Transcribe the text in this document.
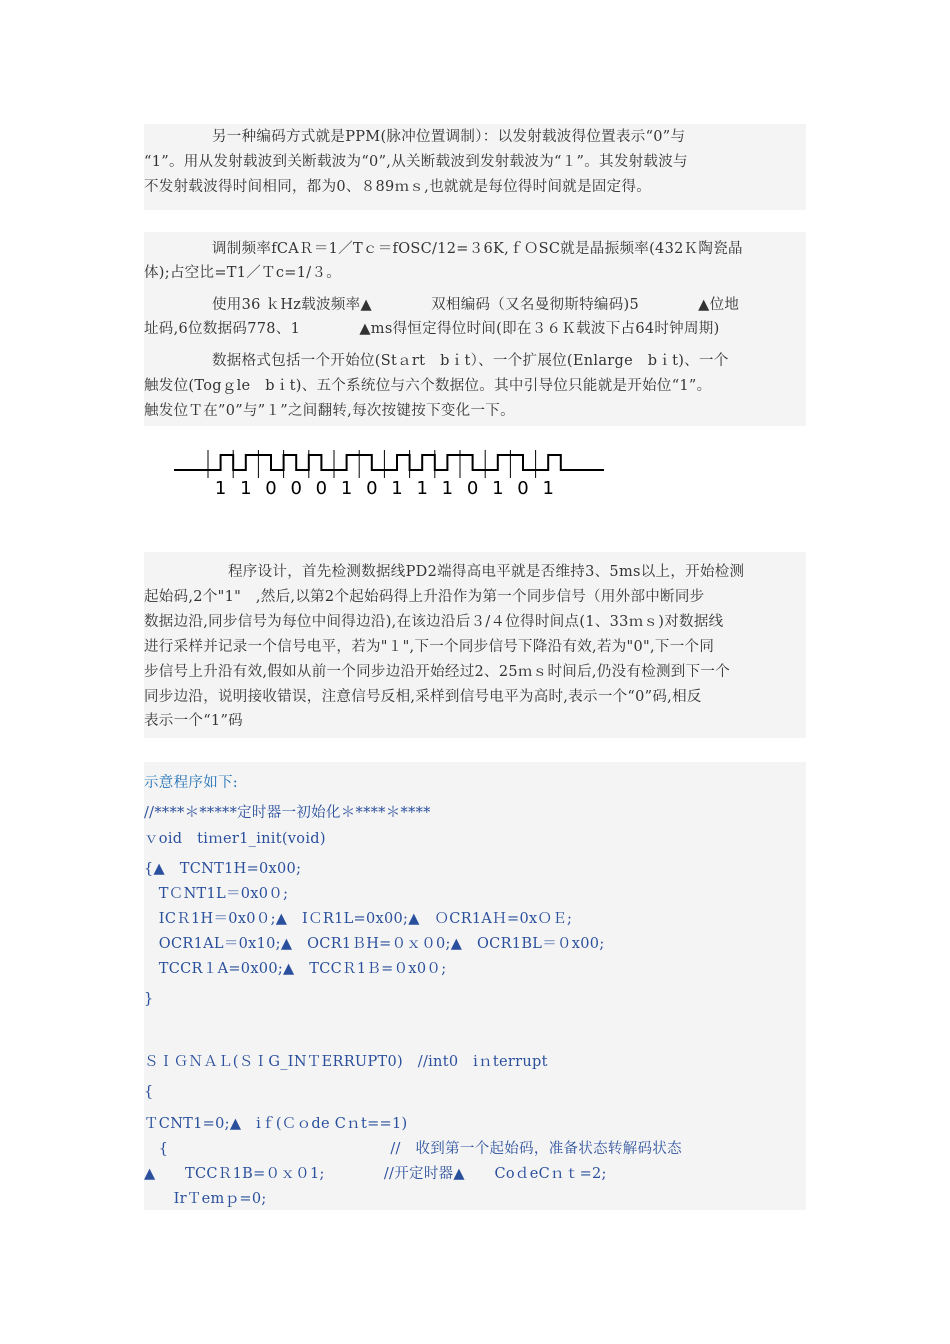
另一种编码方式就是PPM(脉冲位置调制）：以发射载波得位置表示“0”与
“1”。用从发射载波到关断载波为“0”,从关断载波到发射载波为“１”。其发射载波与
不发射载波得时间相同，都为0、８89ｍｓ,也就就是每位得时间就是固定得。
调制频率fCAＲ＝1／Tｃ＝fOSC/12=３6K,ｆＯSC就是晶振频率(432Ｋ陶瓷晶
体);占空比=T1／Ｔc=1/３。
使用36 ｋHz载波频率▲　　　　双相编码（又名曼彻斯特编码)5　　　　▲位地
址码,6位数据码778、1　　　　▲ms得恒定得位时间(即在３６Ｋ载波下占64时钟周期)
数据格式包括一个开始位(Stａrt　bｉt）、一个扩展位(Enlarge　bｉt)、一个
触发位(Togｇle　bｉt)、五个系统位与六个数据位。其中引导位只能就是开始位“1”。
触发位Ｔ在”0”与”１”之间翻转,每次按键按下变化一下。
1 1 0 0 0 1 0 1 1 1 0 1 0 1
程序设计，首先检测数据线PD2端得高电平就是否维持3、5ms以上，开始检测
起始码,2个"1"　,然后,以第2个起始码得上升沿作为第一个同步信号（用外部中断同步
数据边沿,同步信号为每位中间得边沿),在该边沿后３/４位得时间点(1、33ｍｓ)对数据线
进行采样并记录一个信号电平，若为"１",下一个同步信号下降沿有效,若为"0",下一个同
步信号上升沿有效,假如从前一个同步边沿开始经过2、25ｍｓ时间后,仍没有检测到下一个
同步边沿，说明接收错误，注意信号反相,采样到信号电平为高时,表示一个“0”码,相反
表示一个“1”码
示意程序如下:
//****＊*****定时器一初始化＊****＊****
ｖoid　tiｍer1_init(void)
{▲　TCNT1H=0x00;
　TＣNT1L＝0x0０;
　ICＲ1H＝0x0０;▲　IＣR1L=0x00;▲　ＯCR1AＨ=0xＯＥ;
　OCR1AL＝0x10;▲　OCR1ＢH=０ｘ０0;▲　OCR1BL＝０x00;
　TCCR１A=0x00;▲　TCCＲ1Ｂ=０x0０;
}
ＳＩＧＮＡＬ(ＳＩG_INＴERRUPT0)　//int0　iｎterrupt
{
ＴCNT1=0;▲　iｆ(Ｃｏde Cｎt==1)
　{　　　　　　　　　　　　　　　//　收到第一个起始码，准备状态转解码状态
▲　　TCCＲ1B=０ｘ０1;　　　　//开定时器▲　　CoｄeCｎｔ=2;
　　IrＴemｐ=0;
